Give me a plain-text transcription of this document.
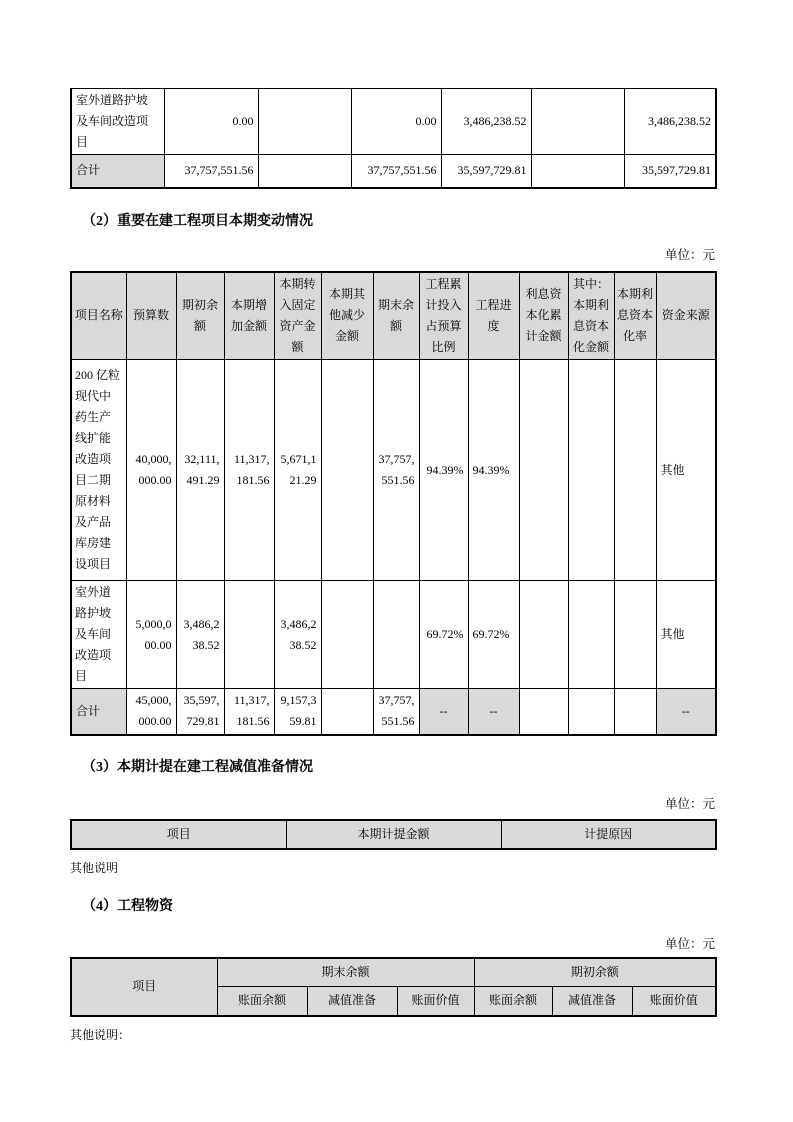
室外道路护坡及车间改造项目	0.00		0.00	3,486,238.52		3,486,238.52
合计	37,757,551.56		37,757,551.56	35,597,729.81		35,597,729.81
（2）重要在建工程项目本期变动情况
单位：元
项目名称	预算数	期初余额	本期增加金额	本期转入固定资产金额	本期其他减少金额	期末余额	工程累计投入占预算比例	工程进度	利息资本化累计金额	其中：本期利息资本化金额	本期利息资本化率	资金来源
200 亿粒现代中药生产线扩能改造项目二期原材料及产品库房建设项目	40,000,000.00	32,111,491.29	11,317,181.56	5,671,121.29		37,757,551.56	94.39%	94.39%				其他
室外道路护坡及车间改造项目	5,000,000.00	3,486,238.52		3,486,238.52			69.72%	69.72%				其他
合计	45,000,000.00	35,597,729.81	11,317,181.56	9,157,359.81		37,757,551.56	--	--				--
（3）本期计提在建工程减值准备情况
单位：元
项目	本期计提金额	计提原因
其他说明
（4）工程物资
单位：元
项目	期末余额			期初余额		
	账面余额	减值准备	账面价值	账面余额	减值准备	账面价值
其他说明：
